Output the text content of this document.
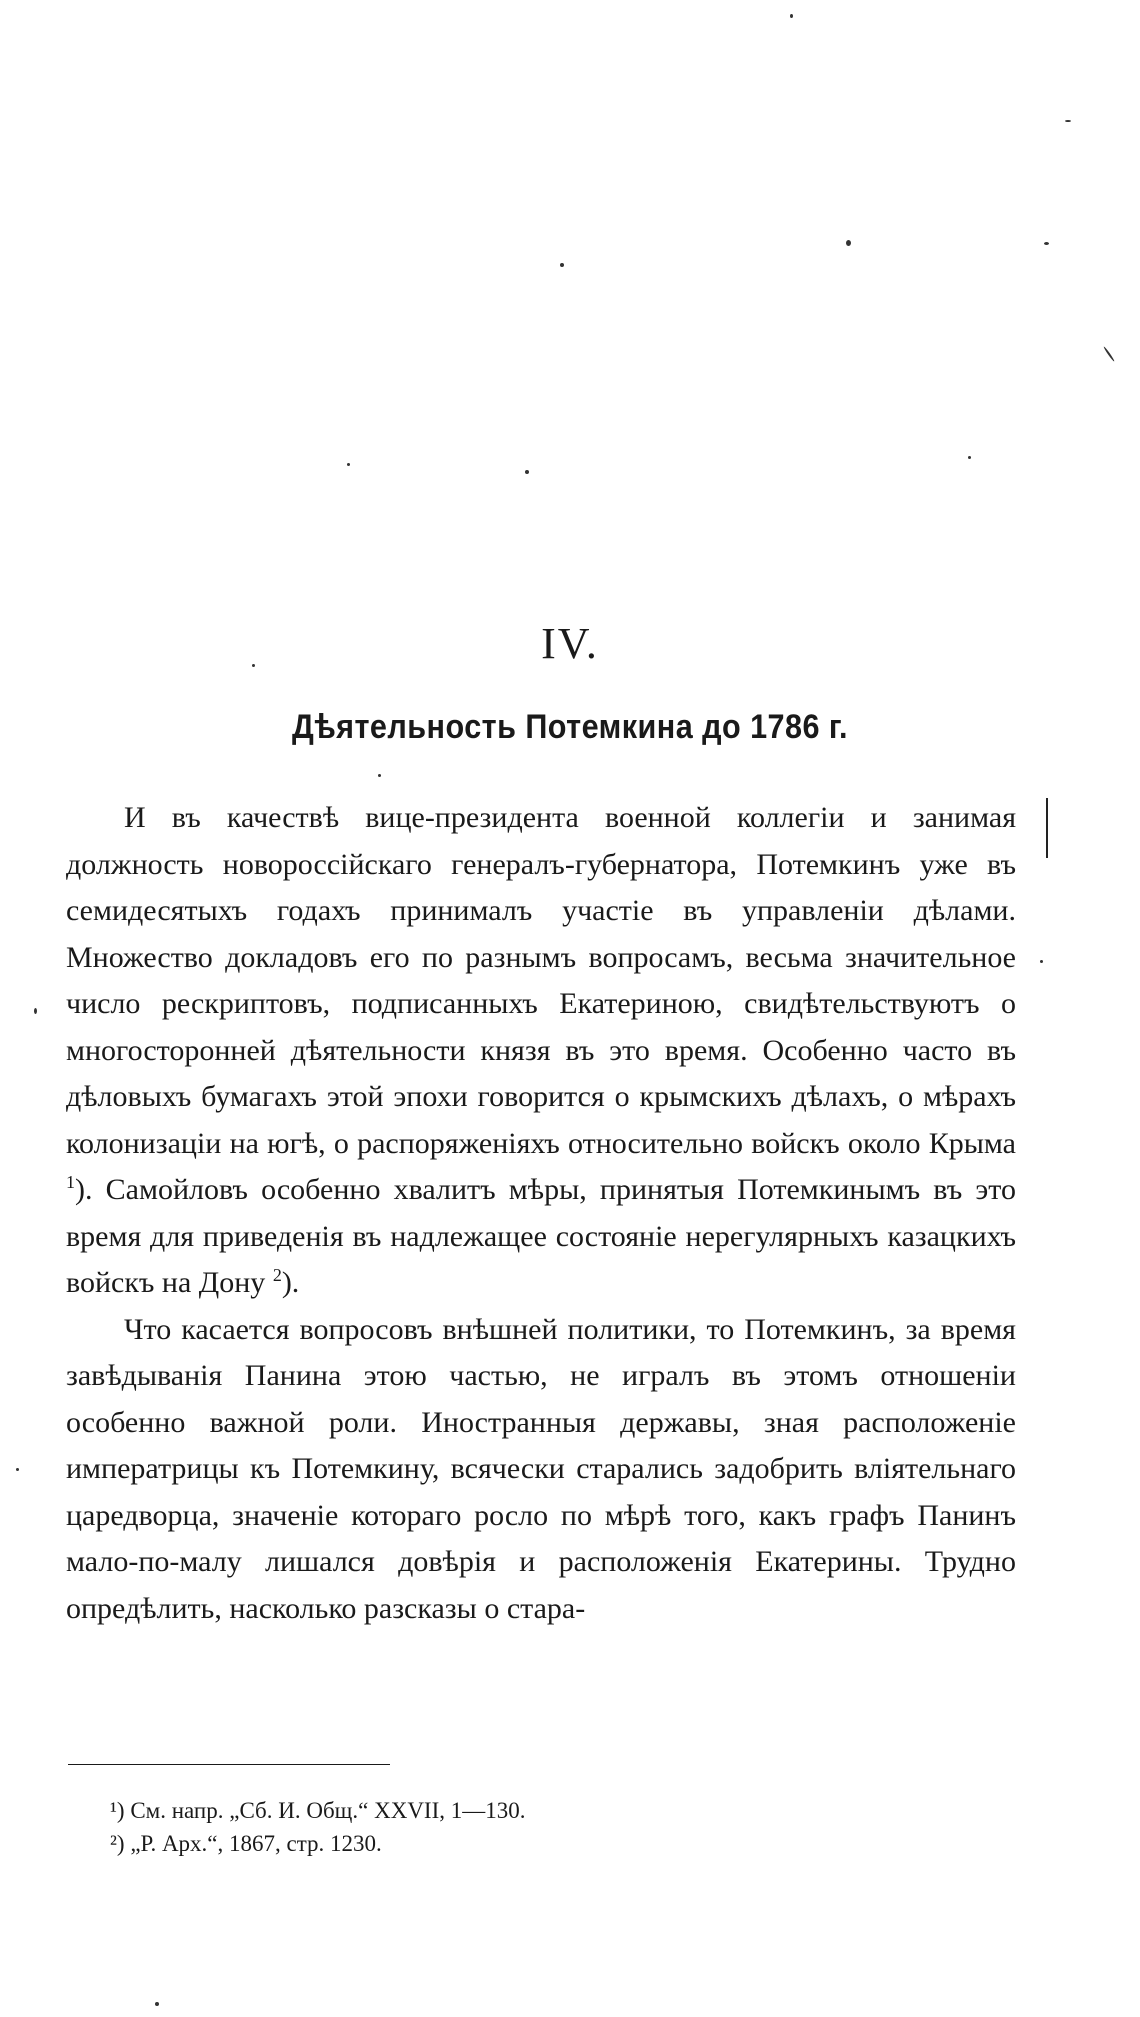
IV.
Дѣятельность Потемкина до 1786 г.

И въ качествѣ вице-президента военной коллегіи и занимая должность новороссійскаго генералъ-губернатора, Потемкинъ уже въ семидесятыхъ годахъ принималъ участіе въ управленіи дѣлами. Множество докладовъ его по разнымъ вопросамъ, весьма значительное число рескриптовъ, подписанныхъ Екатериною, свидѣтельствуютъ о многосторонней дѣятельности князя въ это время. Особенно часто въ дѣловыхъ бумагахъ этой эпохи говорится о крымскихъ дѣлахъ, о мѣрахъ колонизаціи на югѣ, о распоряженіяхъ относительно войскъ около Крыма $^1$). Самойловъ особенно хвалитъ мѣры, принятыя Потемкинымъ въ это время для приведенія въ надлежащее состояніе нерегулярныхъ казацкихъ войскъ на Дону $^2$).

Что касается вопросовъ внѣшней политики, то Потемкинъ, за время завѣдыванія Панина этою частью, не игралъ въ этомъ отношеніи особенно важной роли. Иностранныя державы, зная расположеніе императрицы къ Потемкину, всячески старались задобрить вліятельнаго царедворца, значеніе котораго росло по мѣрѣ того, какъ графъ Панинъ мало-по-малу лишался довѣрія и расположенія Екатерины. Трудно опредѣлить, насколько разсказы о стара-

¹) См. напр. „Сб. И. Общ.“ XXVII, 1—130.

²) „Р. Арх.“, 1867, стр. 1230.
